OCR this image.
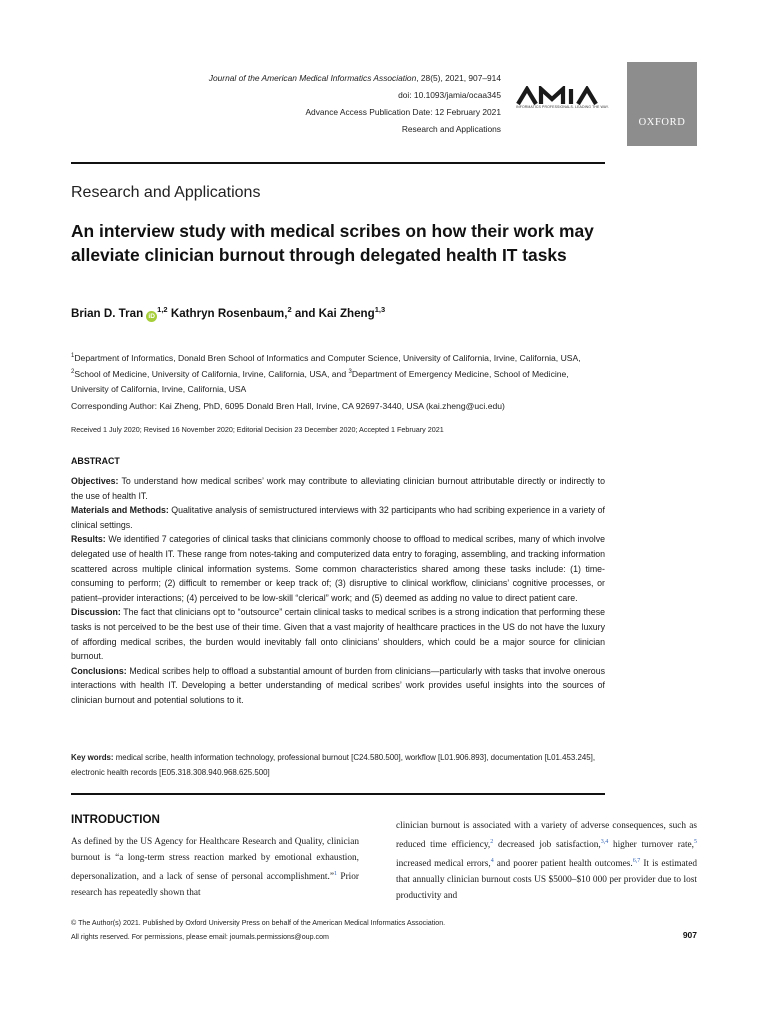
Journal of the American Medical Informatics Association, 28(5), 2021, 907–914
doi: 10.1093/jamia/ocaa345
Advance Access Publication Date: 12 February 2021
Research and Applications
INFORMATICS PROFESSIONALS. LEADING THE WAY.
OXFORD
Research and Applications
An interview study with medical scribes on how their work may alleviate clinician burnout through delegated health IT tasks
Brian D. Tran iD$^{1,2}$ Kathryn Rosenbaum,$^2$ and Kai Zheng$^{1,3}$
$^1$Department of Informatics, Donald Bren School of Informatics and Computer Science, University of California, Irvine, California, USA, $^2$School of Medicine, University of California, Irvine, California, USA, and $^3$Department of Emergency Medicine, School of Medicine, University of California, Irvine, California, USA
Corresponding Author: Kai Zheng, PhD, 6095 Donald Bren Hall, Irvine, CA 92697-3440, USA (kai.zheng@uci.edu)
Received 1 July 2020; Revised 16 November 2020; Editorial Decision 23 December 2020; Accepted 1 February 2021
ABSTRACT

Objectives: To understand how medical scribes’ work may contribute to alleviating clinician burnout attributable directly or indirectly to the use of health IT.

Materials and Methods: Qualitative analysis of semistructured interviews with 32 participants who had scribing experience in a variety of clinical settings.

Results: We identified 7 categories of clinical tasks that clinicians commonly choose to offload to medical scribes, many of which involve delegated use of health IT. These range from notes-taking and computerized data entry to foraging, assembling, and tracking information scattered across multiple clinical information systems. Some common characteristics shared among these tasks include: (1) time-consuming to perform; (2) difficult to remember or keep track of; (3) disruptive to clinical workflow, clinicians’ cognitive processes, or patient–provider interactions; (4) perceived to be low-skill “clerical” work; and (5) deemed as adding no value to direct patient care.

Discussion: The fact that clinicians opt to “outsource” certain clinical tasks to medical scribes is a strong indication that performing these tasks is not perceived to be the best use of their time. Given that a vast majority of healthcare practices in the US do not have the luxury of affording medical scribes, the burden would inevitably fall onto clinicians’ shoulders, which could be a major source for clinician burnout.

Conclusions: Medical scribes help to offload a substantial amount of burden from clinicians—particularly with tasks that involve onerous interactions with health IT. Developing a better understanding of medical scribes’ work provides useful insights into the sources of clinician burnout and potential solutions to it.

Key words: medical scribe, health information technology, professional burnout [C24.580.500], workflow [L01.906.893], documentation [L01.453.245], electronic health records [E05.318.308.940.968.625.500]
INTRODUCTION
As defined by the US Agency for Healthcare Research and Quality, clinician burnout is “a long-term stress reaction marked by emotional exhaustion, depersonalization, and a lack of sense of personal accomplishment.”$^1$ Prior research has repeatedly shown that
clinician burnout is associated with a variety of adverse consequences, such as reduced time efficiency,$^2$ decreased job satisfaction,$^{3,4}$ higher turnover rate,$^5$ increased medical errors,$^4$ and poorer patient health outcomes.$^{6,7}$ It is estimated that annually clinician burnout costs US $5000–$10 000 per provider due to lost productivity and
© The Author(s) 2021. Published by Oxford University Press on behalf of the American Medical Informatics Association.
All rights reserved. For permissions, please email: journals.permissions@oup.com	907
